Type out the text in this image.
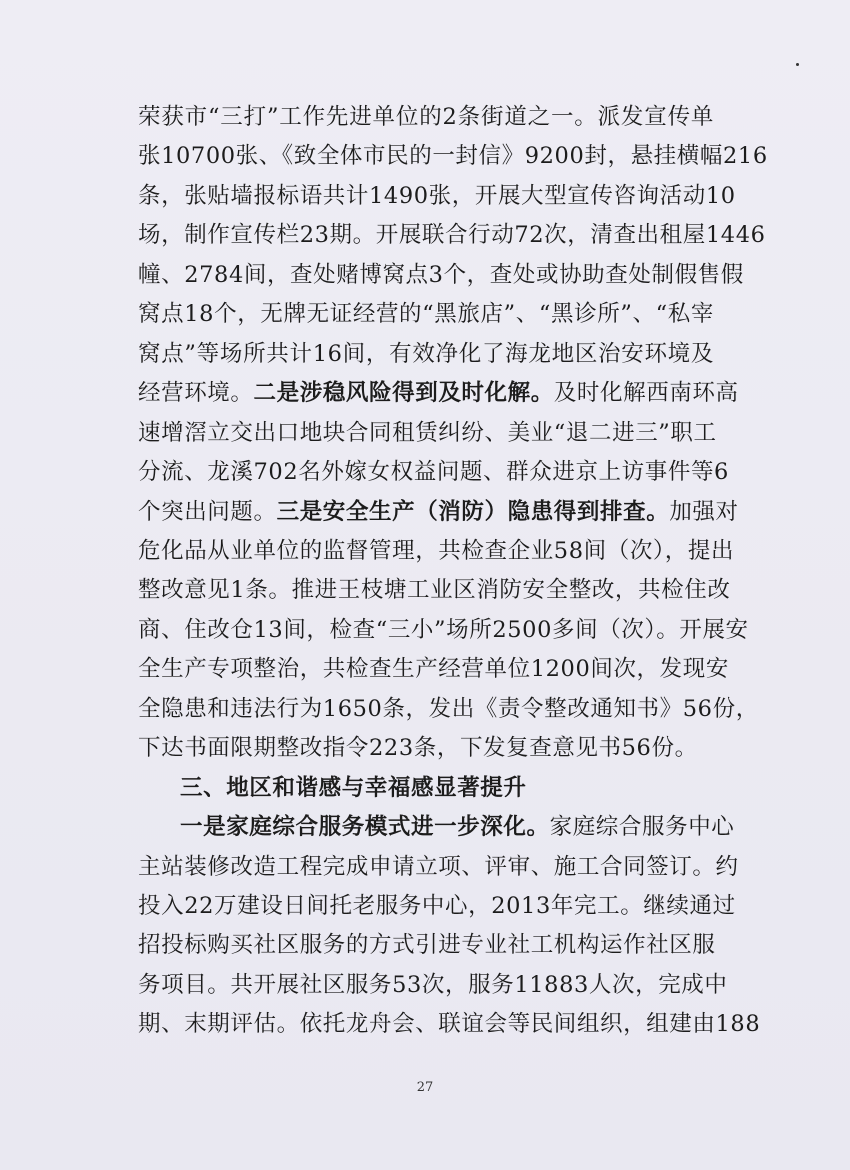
荣获市“三打”工作先进单位的2条街道之一。派发宣传单
张10700张、《致全体市民的一封信》9200封，悬挂横幅216
条，张贴墙报标语共计1490张，开展大型宣传咨询活动10
场，制作宣传栏23期。开展联合行动72次，清查出租屋1446
幢、2784间，查处赌博窝点3个，查处或协助查处制假售假
窝点18个，无牌无证经营的“黑旅店”、“黑诊所”、“私宰
窝点”等场所共计16间，有效净化了海龙地区治安环境及
经营环境。二是涉稳风险得到及时化解。及时化解西南环高
速增滘立交出口地块合同租赁纠纷、美业“退二进三”职工
分流、龙溪702名外嫁女权益问题、群众进京上访事件等6
个突出问题。三是安全生产（消防）隐患得到排查。加强对
危化品从业单位的监督管理，共检查企业58间（次），提出
整改意见1条。推进王枝塘工业区消防安全整改，共检住改
商、住改仓13间，检查“三小”场所2500多间（次）。开展安
全生产专项整治，共检查生产经营单位1200间次，发现安
全隐患和违法行为1650条，发出《责令整改通知书》56份，
下达书面限期整改指令223条，下发复查意见书56份。
三、地区和谐感与幸福感显著提升
一是家庭综合服务模式进一步深化。家庭综合服务中心
主站装修改造工程完成申请立项、评审、施工合同签订。约
投入22万建设日间托老服务中心，2013年完工。继续通过
招投标购买社区服务的方式引进专业社工机构运作社区服
务项目。共开展社区服务53次，服务11883人次，完成中
期、末期评估。依托龙舟会、联谊会等民间组织，组建由188
27
